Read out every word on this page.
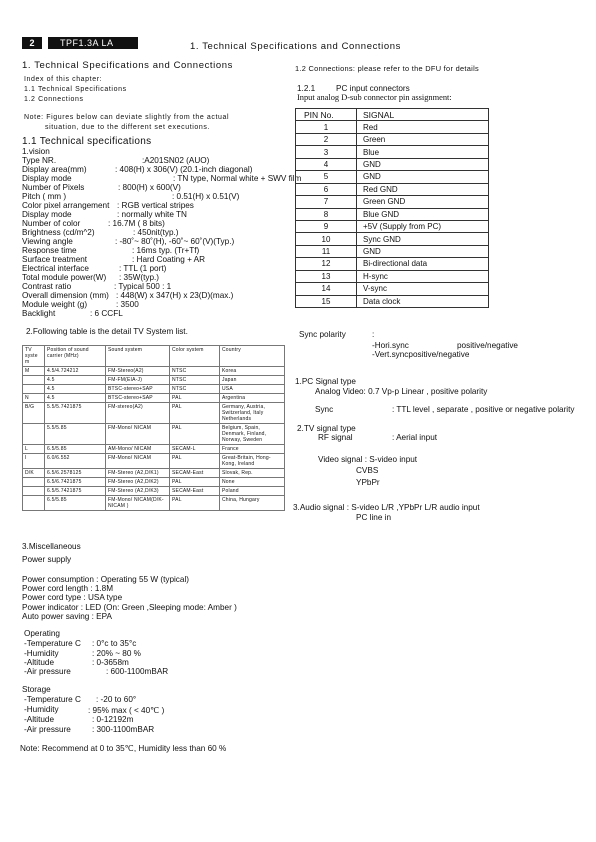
2	TPF1.3A LA	1. Technical Specifications and Connections
1. Technical Specifications and Connections
Index of this chapter:
1.1 Technical Specifications
1.2 Connections
Note: Figures below can deviate slightly from the actual
situation, due to the different set executions.
1.1 Technical specifications
1.vision
Type NR.	:A201SN02 (AUO)
Display area(mm)	: 408(H) x 306(V) (20.1-inch diagonal)
Display mode	: TN type, Normal white + SWV film
Number of Pixels	: 800(H) x 600(V)
Pitch ( mm )	: 0.51(H) x 0.51(V)
Color pixel arrangement : RGB vertical stripes
Display mode	: normally white TN
Number of color	: 16.7M ( 8 bits)
Brightness (cd/m^2)	: 450nit(typ.)
Viewing angle	: -80˚~ 80˚(H), -60˚~ 60˚(V)(Typ.)
Response time	: 16ms typ. (Tr+Tf)
Surface treatment	: Hard Coating + AR
Electrical interface	: TTL (1 port)
Total module power(W) : 35W(typ.)
Contrast ratio	: Typical 500 : 1
Overall dimension (mm) : 448(W) x 347(H) x 23(D)(max.)
Module weight (g)	: 3500
Backlight	: 6 CCFL
2.Following table is the detail TV System list.
TV system	Position of sound carrier (MHz)	Sound system	Color system	Country
M	4.5/4.724212	FM-Stereo(A2)	NTSC	Korea
	4.5	FM-FM(EIA-J)	NTSC	Japan
	4.5	BTSC-stereo+SAP	NTSC	USA
N	4.5	BTSC-stereo+SAP	PAL	Argentina
B/G	5.5/5.7421875	FM-stereo(A2)	PAL	Germany, Austria, Switzerland, Italy Netherlands
	5.5/5.85	FM-Mono/ NICAM	PAL	Belgium, Spain, Denmark, Finland, Norway, Sweden
L	6.5/5.85	AM-Mono/ NICAM	SECAM-L	France
I	6.0/6.552	FM-Mono/ NICAM	PAL	Great-Britain, Hong-Kong, Ireland
D/K	6.5/6.2578125	FM-Stereo (A2,D/K1)	SECAM-East	Slovak, Rep.
	6.5/6.7421875	FM-Stereo (A2,D/K2)	PAL	None
	6.5/5.7421875	FM-Stereo (A2,D/K3)	SECAM-East	Poland
	6.5/5.85	FM-Mono/ NICAM(D/K-NICAM )	PAL	China, Hungary
3.Miscellaneous
Power supply
Power consumption : Operating 55 W (typical)
Power cord length : 1.8M
Power cord type : USA type
Power indicator : LED (On: Green ,Sleeping mode: Amber )
Auto power saving : EPA
Operating
-Temperature C : 0°c to 35°c
-Humidity	: 20% ~ 80 %
-Altitude	: 0-3658m
-Air pressure	: 600-1100mBAR
Storage
-Temperature C : -20 to 60°
-Humidity	: 95% max ( < 40℃ )
-Altitude	: 0-12192m
-Air pressure	: 300-1100mBAR
Note: Recommend at 0 to 35℃, Humidity less than 60 %
1.2 Connections: please refer to the DFU for details
1.2.1	PC input connectors
Input analog D-sub connector pin assignment:
PIN No.	SIGNAL
1	Red
2	Green
3	Blue
4	GND
5	GND
6	Red GND
7	Green GND
8	Blue GND
9	+5V (Supply from PC)
10	Sync GND
11	GND
12	Bi-directional data
13	H-sync
14	V-sync
15	Data clock
Sync polarity	:
-Hori.sync	positive/negative
-Vert.syncpositive/negative
1.PC Signal type
Analog Video: 0.7 Vp-p Linear , positive polarity
Sync	: TTL level , separate , positive or negative polarity
2.TV signal type
RF signal	: Aerial input
Video signal : S-video input
CVBS
YPbPr
3.Audio signal : S-video L/R ,YPbPr L/R audio input
PC line in
